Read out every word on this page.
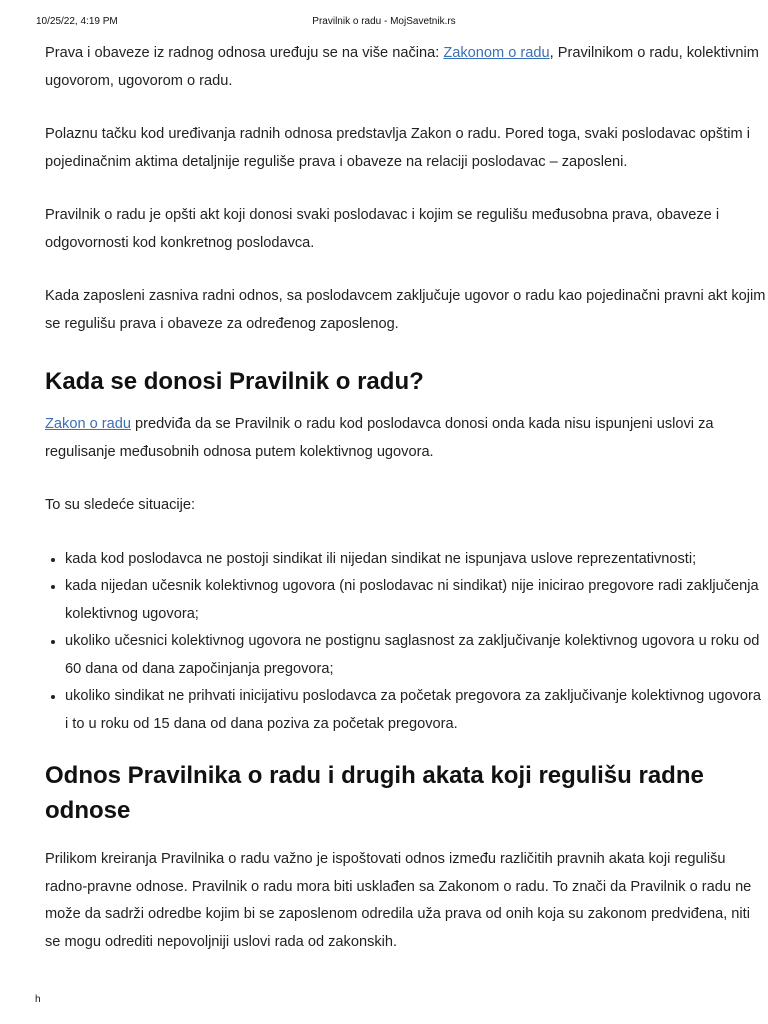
10/25/22, 4:19 PM	Pravilnik o radu - MojSavetnik.rs

Prava i obaveze iz radnog odnosa uređuju se na više načina: Zakonom o radu, Pravilnikom o radu, kolektivnim ugovorom, ugovorom o radu.

Polaznu tačku kod uređivanja radnih odnosa predstavlja Zakon o radu. Pored toga, svaki poslodavac opštim i pojedinačnim aktima detaljnije reguliše prava i obaveze na relaciji poslodavac – zaposleni.

Pravilnik o radu je opšti akt koji donosi svaki poslodavac i kojim se regulišu međusobna prava, obaveze i odgovornosti kod konkretnog poslodavca.

Kada zaposleni zasniva radni odnos, sa poslodavcem zaključuje ugovor o radu kao pojedinačni pravni akt kojim se regulišu prava i obaveze za određenog zaposlenog.

Kada se donosi Pravilnik o radu?

Zakon o radu predviđa da se Pravilnik o radu kod poslodavca donosi onda kada nisu ispunjeni uslovi za regulisanje međusobnih odnosa putem kolektivnog ugovora.

To su sledeće situacije:

• kada kod poslodavca ne postoji sindikat ili nijedan sindikat ne ispunjava uslove reprezentativnosti;
• kada nijedan učesnik kolektivnog ugovora (ni poslodavac ni sindikat) nije inicirao pregovore radi zaključenja kolektivnog ugovora;
• ukoliko učesnici kolektivnog ugovora ne postignu saglasnost za zaključivanje kolektivnog ugovora u roku od 60 dana od dana započinjanja pregovora;
• ukoliko sindikat ne prihvati inicijativu poslodavca za početak pregovora za zaključivanje kolektivnog ugovora i to u roku od 15 dana od dana poziva za početak pregovora.
Odnos Pravilnika o radu i drugih akata koji regulišu radne odnose

Prilikom kreiranja Pravilnika o radu važno je ispoštovati odnos između različitih pravnih akata koji regulišu radno-pravne odnose. Pravilnik o radu mora biti usklađen sa Zakonom o radu. To znači da Pravilnik o radu ne može da sadrži odredbe kojim bi se zaposlenom odredila uža prava od onih koja su zakonom predviđena, niti se mogu odrediti nepovoljniji uslovi rada od zakonskih.

h
